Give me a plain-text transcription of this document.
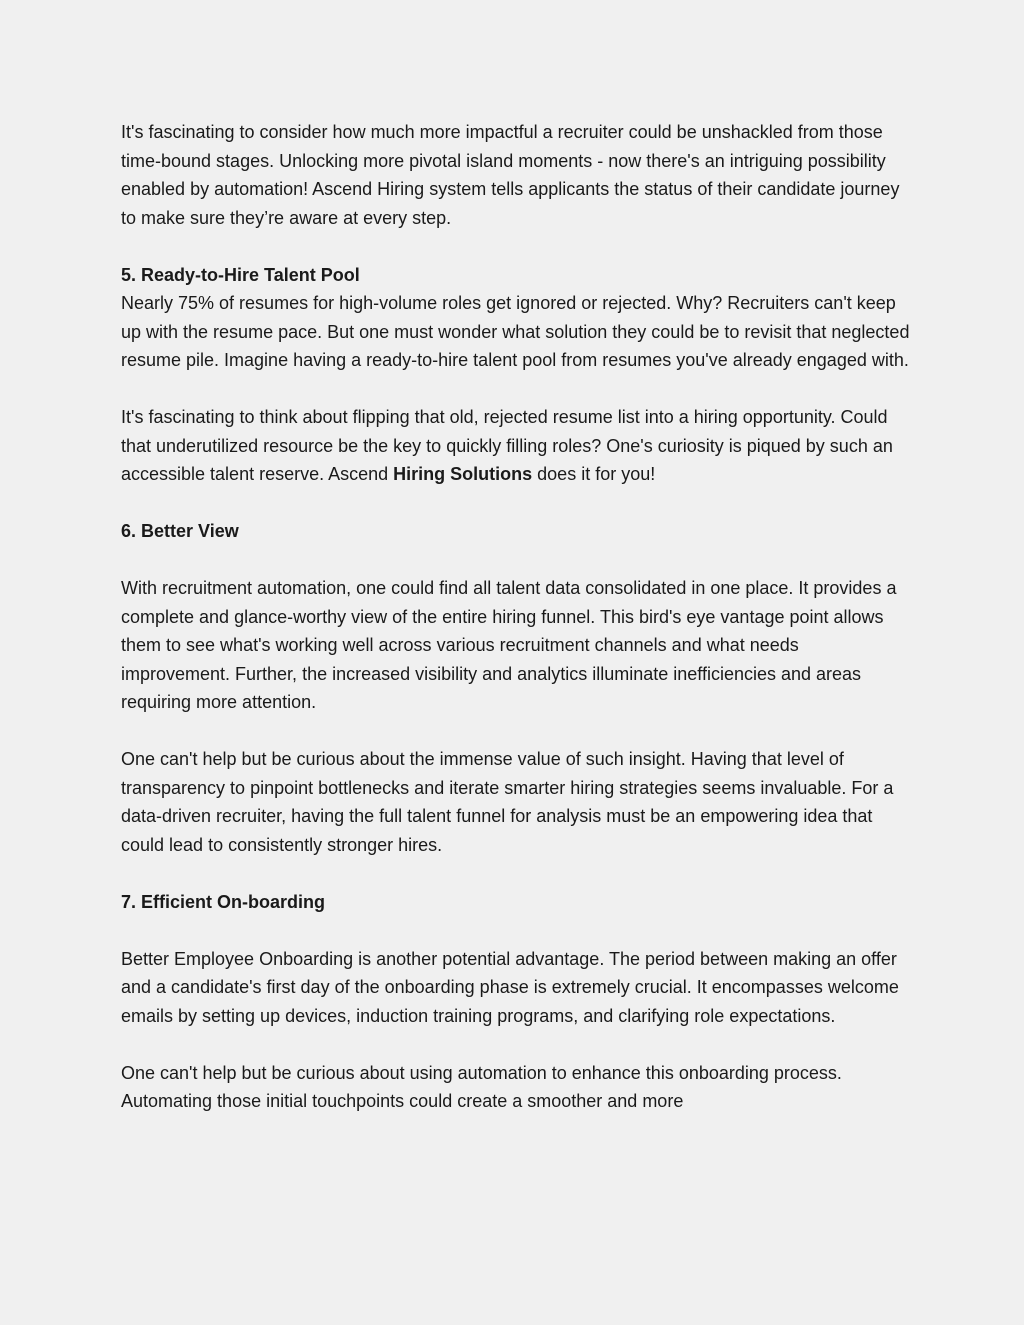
It's fascinating to consider how much more impactful a recruiter could be unshackled from those time-bound stages. Unlocking more pivotal island moments - now there's an intriguing possibility enabled by automation! Ascend Hiring system tells applicants the status of their candidate journey to make sure they’re aware at every step.

5. Ready-to-Hire Talent Pool

Nearly 75% of resumes for high-volume roles get ignored or rejected. Why? Recruiters can't keep up with the resume pace. But one must wonder what solution they could be to revisit that neglected resume pile. Imagine having a ready-to-hire talent pool from resumes you've already engaged with.

It's fascinating to think about flipping that old, rejected resume list into a hiring opportunity. Could that underutilized resource be the key to quickly filling roles? One's curiosity is piqued by such an accessible talent reserve. Ascend Hiring Solutions does it for you!

6. Better View

With recruitment automation, one could find all talent data consolidated in one place. It provides a complete and glance-worthy view of the entire hiring funnel. This bird's eye vantage point allows them to see what's working well across various recruitment channels and what needs improvement. Further, the increased visibility and analytics illuminate inefficiencies and areas requiring more attention.

One can't help but be curious about the immense value of such insight. Having that level of transparency to pinpoint bottlenecks and iterate smarter hiring strategies seems invaluable. For a data-driven recruiter, having the full talent funnel for analysis must be an empowering idea that could lead to consistently stronger hires.

7. Efficient On-boarding

Better Employee Onboarding is another potential advantage. The period between making an offer and a candidate's first day of the onboarding phase is extremely crucial. It encompasses welcome emails by setting up devices, induction training programs, and clarifying role expectations.

One can't help but be curious about using automation to enhance this onboarding process. Automating those initial touchpoints could create a smoother and more
